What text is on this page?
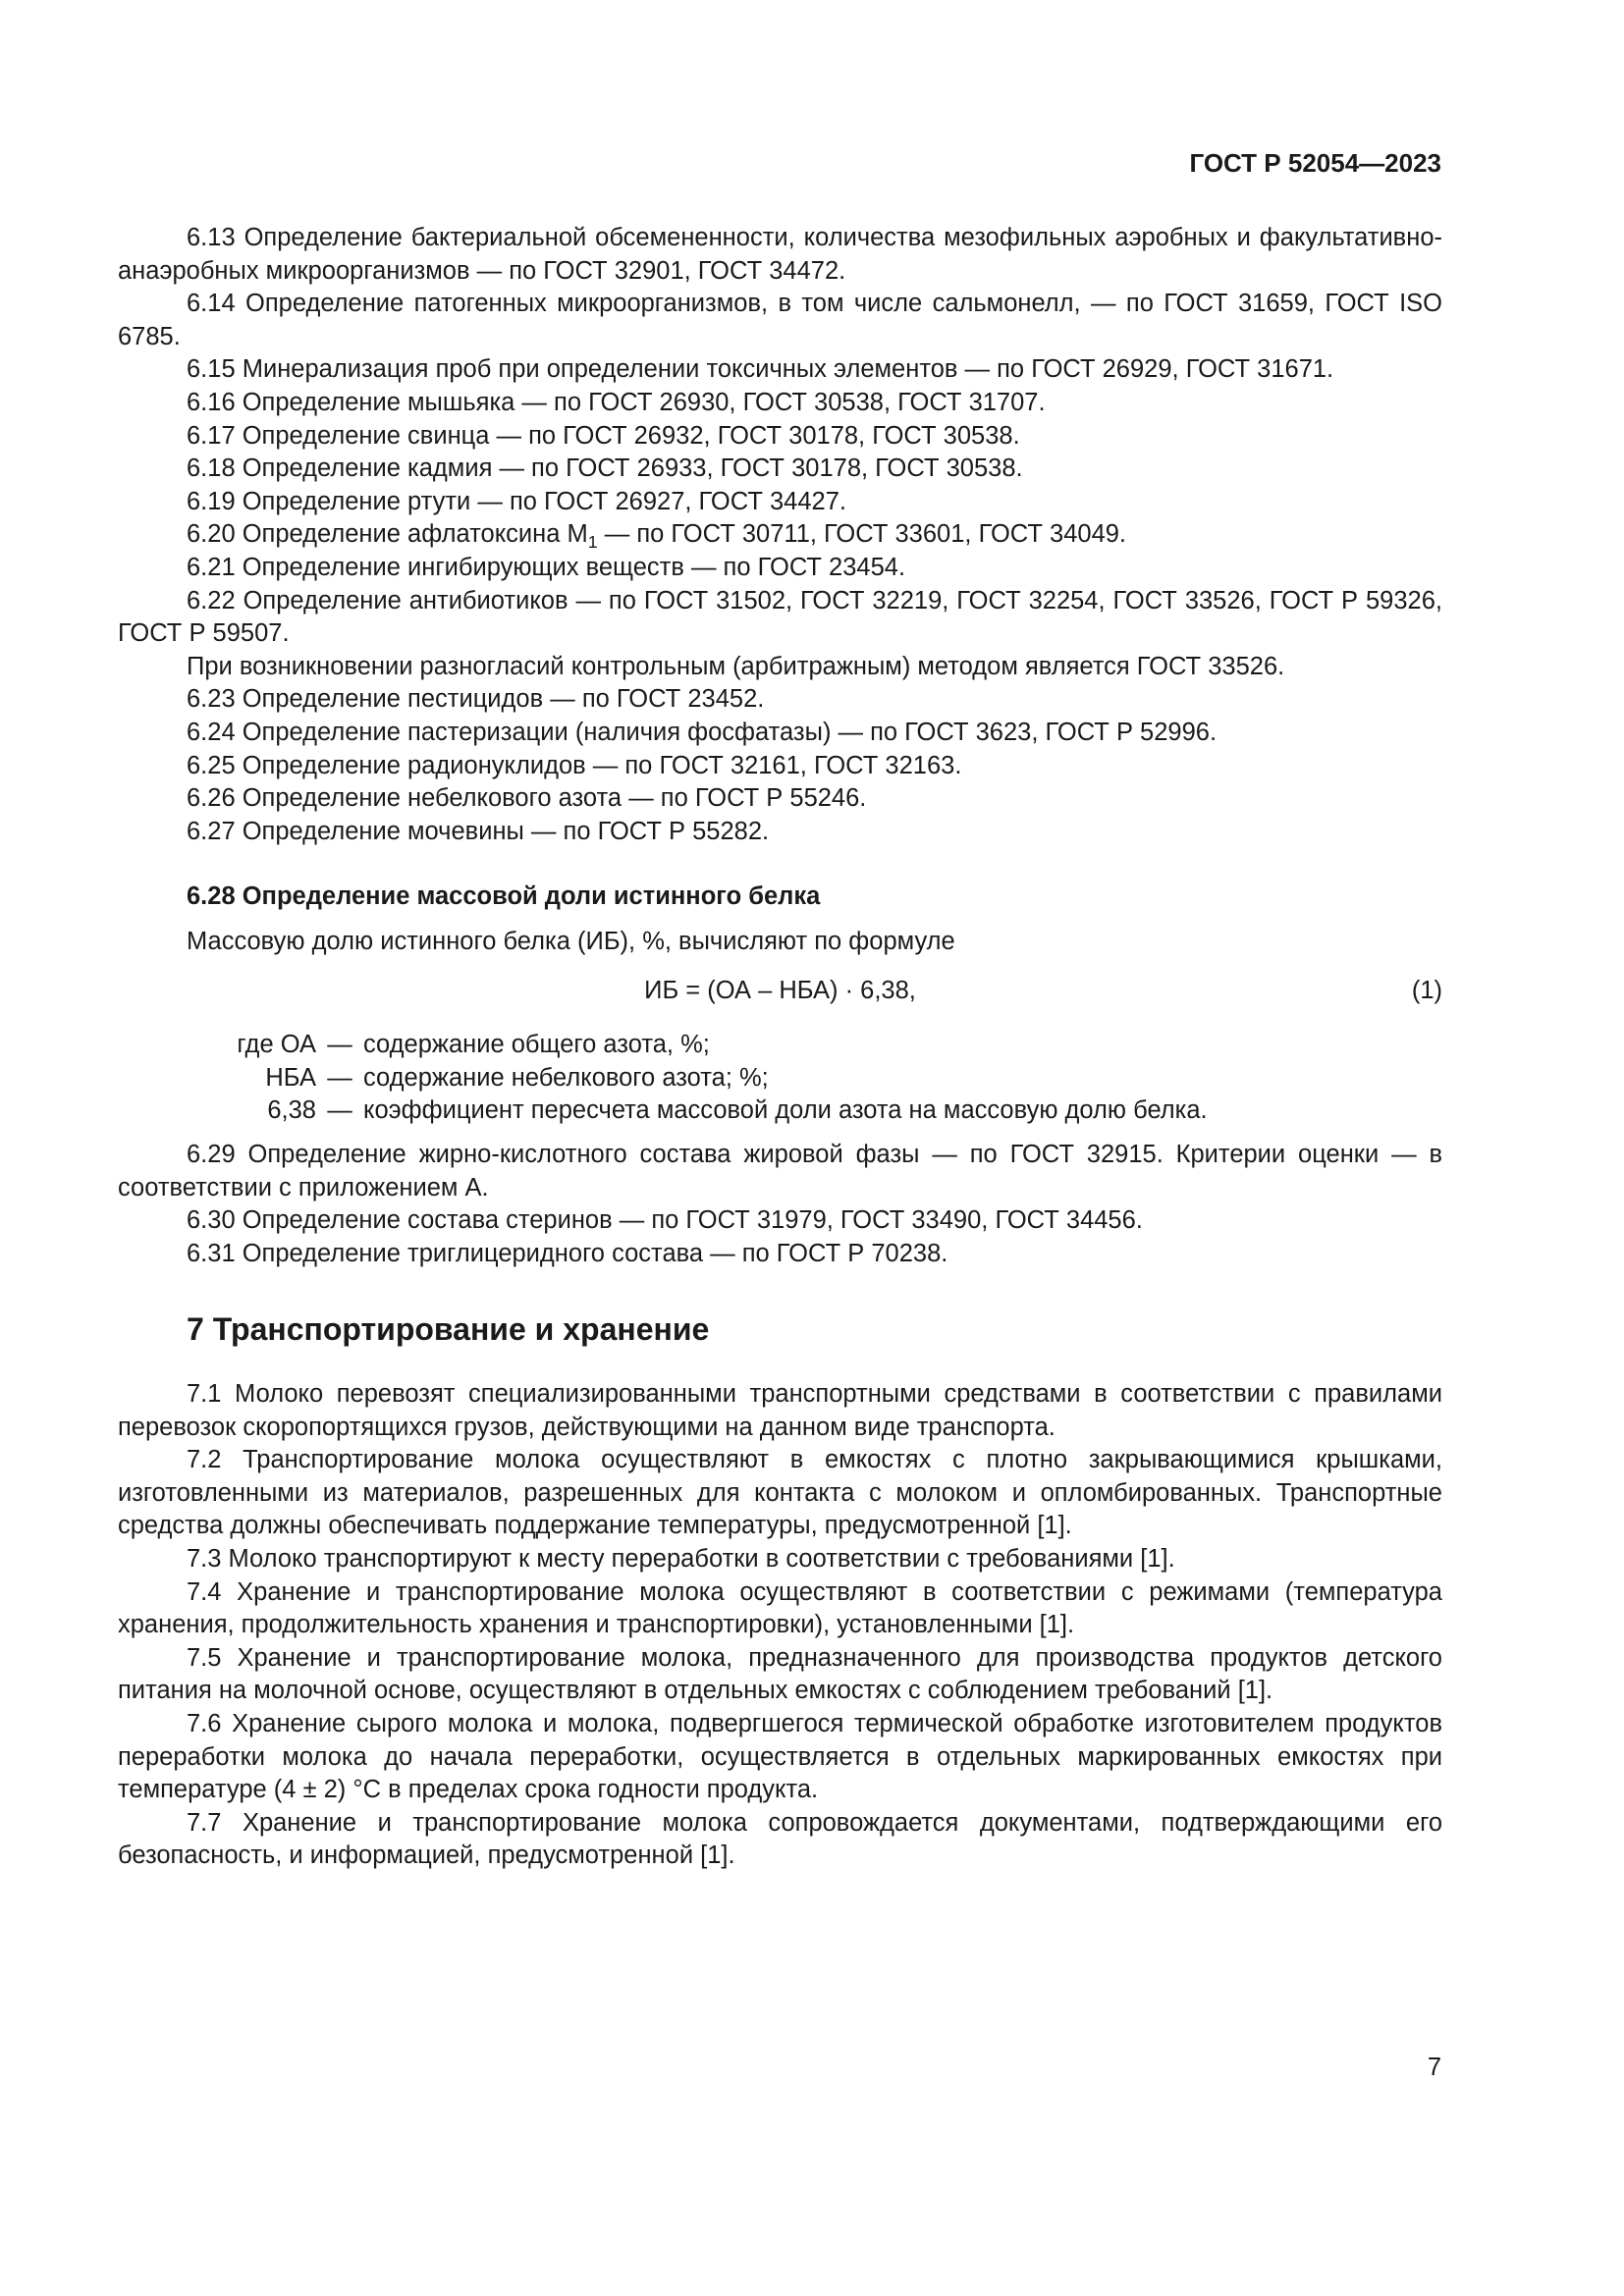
ГОСТ Р 52054—2023

6.13 Определение бактериальной обсемененности, количества мезофильных аэробных и факультативно-анаэробных микроорганизмов — по ГОСТ 32901, ГОСТ 34472.

6.14 Определение патогенных микроорганизмов, в том числе сальмонелл, — по ГОСТ 31659, ГОСТ ISO 6785.

6.15 Минерализация проб при определении токсичных элементов — по ГОСТ 26929, ГОСТ 31671.

6.16 Определение мышьяка — по ГОСТ 26930, ГОСТ 30538, ГОСТ 31707.

6.17 Определение свинца — по ГОСТ 26932, ГОСТ 30178, ГОСТ 30538.

6.18 Определение кадмия — по ГОСТ 26933, ГОСТ 30178, ГОСТ 30538.

6.19 Определение ртути — по ГОСТ 26927, ГОСТ 34427.

6.20 Определение афлатоксина $М_1$ — по ГОСТ 30711, ГОСТ 33601, ГОСТ 34049.

6.21 Определение ингибирующих веществ — по ГОСТ 23454.

6.22 Определение антибиотиков — по ГОСТ 31502, ГОСТ 32219, ГОСТ 32254, ГОСТ 33526, ГОСТ Р 59326, ГОСТ Р 59507.

При возникновении разногласий контрольным (арбитражным) методом является ГОСТ 33526.

6.23 Определение пестицидов — по ГОСТ 23452.

6.24 Определение пастеризации (наличия фосфатазы) — по ГОСТ 3623, ГОСТ Р 52996.

6.25 Определение радионуклидов — по ГОСТ 32161, ГОСТ 32163.

6.26 Определение небелкового азота — по ГОСТ Р 55246.

6.27 Определение мочевины — по ГОСТ Р 55282.

6.28 Определение массовой доли истинного белка
Массовую долю истинного белка (ИБ), %, вычисляют по формуле
ИБ = (ОА – НБА) · 6,38,	(1)
где ОА — содержание общего азота, %;
НБА — содержание небелкового азота; %;
6,38 — коэффициент пересчета массовой доли азота на массовую долю белка.

6.29 Определение жирно-кислотного состава жировой фазы — по ГОСТ 32915. Критерии оценки — в соответствии с приложением А.

6.30 Определение состава стеринов — по ГОСТ 31979, ГОСТ 33490, ГОСТ 34456.

6.31 Определение триглицеридного состава — по ГОСТ Р 70238.

7 Транспортирование и хранение

7.1 Молоко перевозят специализированными транспортными средствами в соответствии с правилами перевозок скоропортящихся грузов, действующими на данном виде транспорта.

7.2 Транспортирование молока осуществляют в емкостях с плотно закрывающимися крышками, изготовленными из материалов, разрешенных для контакта с молоком и опломбированных. Транспортные средства должны обеспечивать поддержание температуры, предусмотренной [1].

7.3 Молоко транспортируют к месту переработки в соответствии с требованиями [1].

7.4 Хранение и транспортирование молока осуществляют в соответствии с режимами (температура хранения, продолжительность хранения и транспортировки), установленными [1].

7.5 Хранение и транспортирование молока, предназначенного для производства продуктов детского питания на молочной основе, осуществляют в отдельных емкостях с соблюдением требований [1].

7.6 Хранение сырого молока и молока, подвергшегося термической обработке изготовителем продуктов переработки молока до начала переработки, осуществляется в отдельных маркированных емкостях при температуре (4 ± 2) °С в пределах срока годности продукта.

7.7 Хранение и транспортирование молока сопровождается документами, подтверждающими его безопасность, и информацией, предусмотренной [1].

7
